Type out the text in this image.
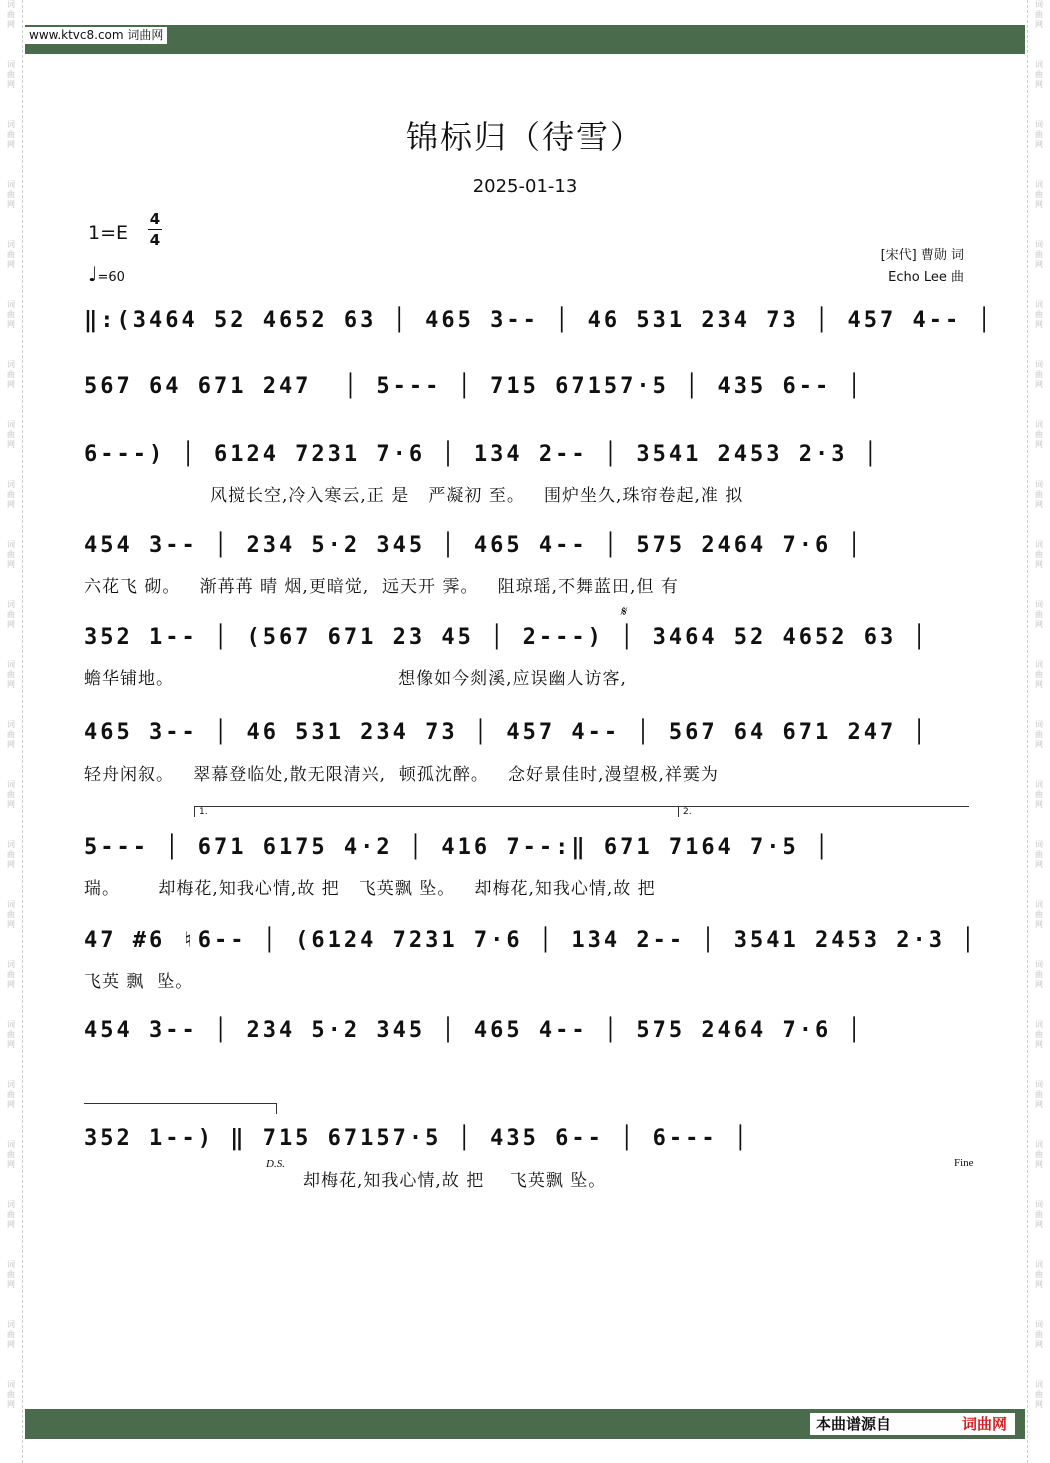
词
曲
网
词
曲
网
词
曲
网
词
曲
网
词
曲
网
词
曲
网
词
曲
网
词
曲
网
词
曲
网
词
曲
网
词
曲
网
词
曲
网
词
曲
网
词
曲
网
词
曲
网
词
曲
网
词
曲
网
词
曲
网
词
曲
网
词
曲
网
词
曲
网
词
曲
网
词
曲
网
词
曲
网
词
曲
网
词
曲
网
词
曲
网
词
曲
网
词
曲
网
词
曲
网
词
曲
网
词
曲
网
词
曲
网
词
曲
网
词
曲
网
词
曲
网
词
曲
网
词
曲
网
词
曲
网
词
曲
网
词
曲
网
词
曲
网
词
曲
网
词
曲
网
词
曲
网
词
曲
网
词
曲
网
词
曲
网
www.ktvc8.com 词曲网
锦标归（待雪）
2025-01-13
1=E
4
4
♩=60
[宋代] 曹勋 词
Echo Lee 曲
‖:(3464 52 4652 63 │ 465 3-- │ 46 531 234 73 │ 457 4-- │
567 64 671 247  │ 5--- │ 715 67157·5 │ 435 6-- │
6---) │ 6124 7231 7·6 │ 134 2-- │ 3541 2453 2·3 │
风搅长空,冷入寒云,正 是   严凝初 至。   围炉坐久,珠帘卷起,准 拟
454 3-- │ 234 5·2 345 │ 465 4-- │ 575 2464 7·6 │
六花飞 砌。   渐苒苒 晴 烟,更暗觉,  远天开 霁。   阻琼瑶,不舞蓝田,但 有
𝄋
352 1-- │ (567 671 23 45 │ 2---) │ 3464 52 4652 63 │
蟾华铺地。                                   想像如今剡溪,应误幽人访客,
465 3-- │ 46 531 234 73 │ 457 4-- │ 567 64 671 247 │
轻舟闲叙。   翠幕登临处,散无限清兴,  顿孤沈醉。   念好景佳时,漫望极,祥霙为
1.	2.
5--- │ 671 6175 4·2 │ 416 7--:‖ 671 7164 7·5 │
瑞。      却梅花,知我心情,故 把   飞英飘 坠。   却梅花,知我心情,故 把
47 #6 ♮6-- │ (6124 7231 7·6 │ 134 2-- │ 3541 2453 2·3 │
飞英 飘  坠。
454 3-- │ 234 5·2 345 │ 465 4-- │ 575 2464 7·6 │
352 1--) ‖ 715 67157·5 │ 435 6-- │ 6--- │
D.S.	Fine
却梅花,知我心情,故 把    飞英飘 坠。
本曲谱源自	词曲网
